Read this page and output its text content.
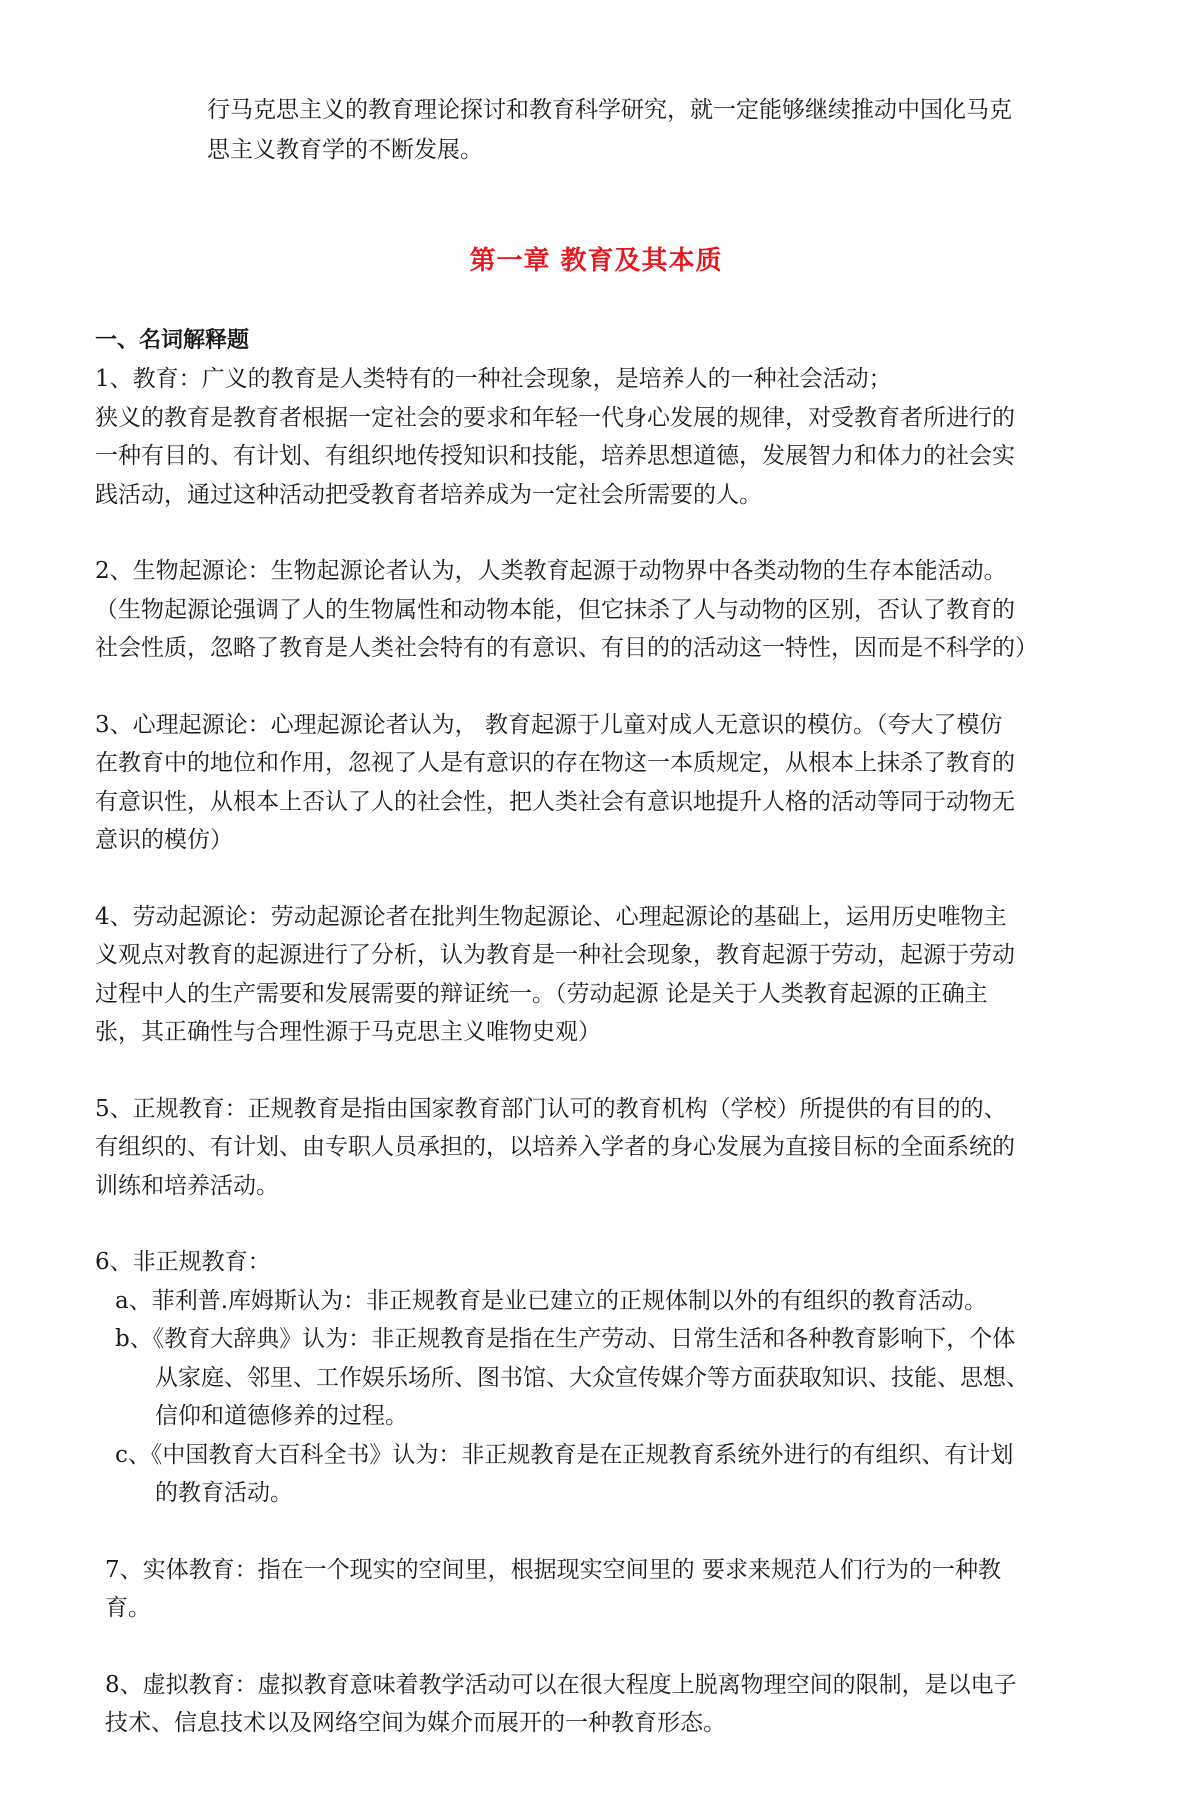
行马克思主义的教育理论探讨和教育科学研究，就一定能够继续推动中国化马克

思主义教育学的不断发展。

第一章 教育及其本质

一、名词解释题

1、教育：广义的教育是人类特有的一种社会现象，是培养人的一种社会活动；

狭义的教育是教育者根据一定社会的要求和年轻一代身心发展的规律，对受教育者所进行的

一种有目的、有计划、有组织地传授知识和技能，培养思想道德，发展智力和体力的社会实

践活动，通过这种活动把受教育者培养成为一定社会所需要的人。

2、生物起源论：生物起源论者认为，人类教育起源于动物界中各类动物的生存本能活动。

（生物起源论强调了人的生物属性和动物本能，但它抹杀了人与动物的区别，否认了教育的

社会性质，忽略了教育是人类社会特有的有意识、有目的的活动这一特性，因而是不科学的）

3、心理起源论：心理起源论者认为， 教育起源于儿童对成人无意识的模仿。（夸大了模仿

在教育中的地位和作用，忽视了人是有意识的存在物这一本质规定，从根本上抹杀了教育的

有意识性，从根本上否认了人的社会性，把人类社会有意识地提升人格的活动等同于动物无

意识的模仿）

4、劳动起源论：劳动起源论者在批判生物起源论、心理起源论的基础上，运用历史唯物主

义观点对教育的起源进行了分析，认为教育是一种社会现象，教育起源于劳动，起源于劳动

过程中人的生产需要和发展需要的辩证统一。（劳动起源 论是关于人类教育起源的正确主

张，其正确性与合理性源于马克思主义唯物史观）

5、正规教育：正规教育是指由国家教育部门认可的教育机构（学校）所提供的有目的的、

有组织的、有计划、由专职人员承担的，以培养入学者的身心发展为直接目标的全面系统的

训练和培养活动。

6、非正规教育：

a、菲利普.库姆斯认为：非正规教育是业已建立的正规体制以外的有组织的教育活动。

b、《教育大辞典》认为：非正规教育是指在生产劳动、日常生活和各种教育影响下，个体

从家庭、邻里、工作娱乐场所、图书馆、大众宣传媒介等方面获取知识、技能、思想、

信仰和道德修养的过程。

c、《中国教育大百科全书》认为：非正规教育是在正规教育系统外进行的有组织、有计划

的教育活动。

7、实体教育：指在一个现实的空间里，根据现实空间里的 要求来规范人们行为的一种教

育。

8、虚拟教育：虚拟教育意味着教学活动可以在很大程度上脱离物理空间的限制，是以电子

技术、信息技术以及网络空间为媒介而展开的一种教育形态。
